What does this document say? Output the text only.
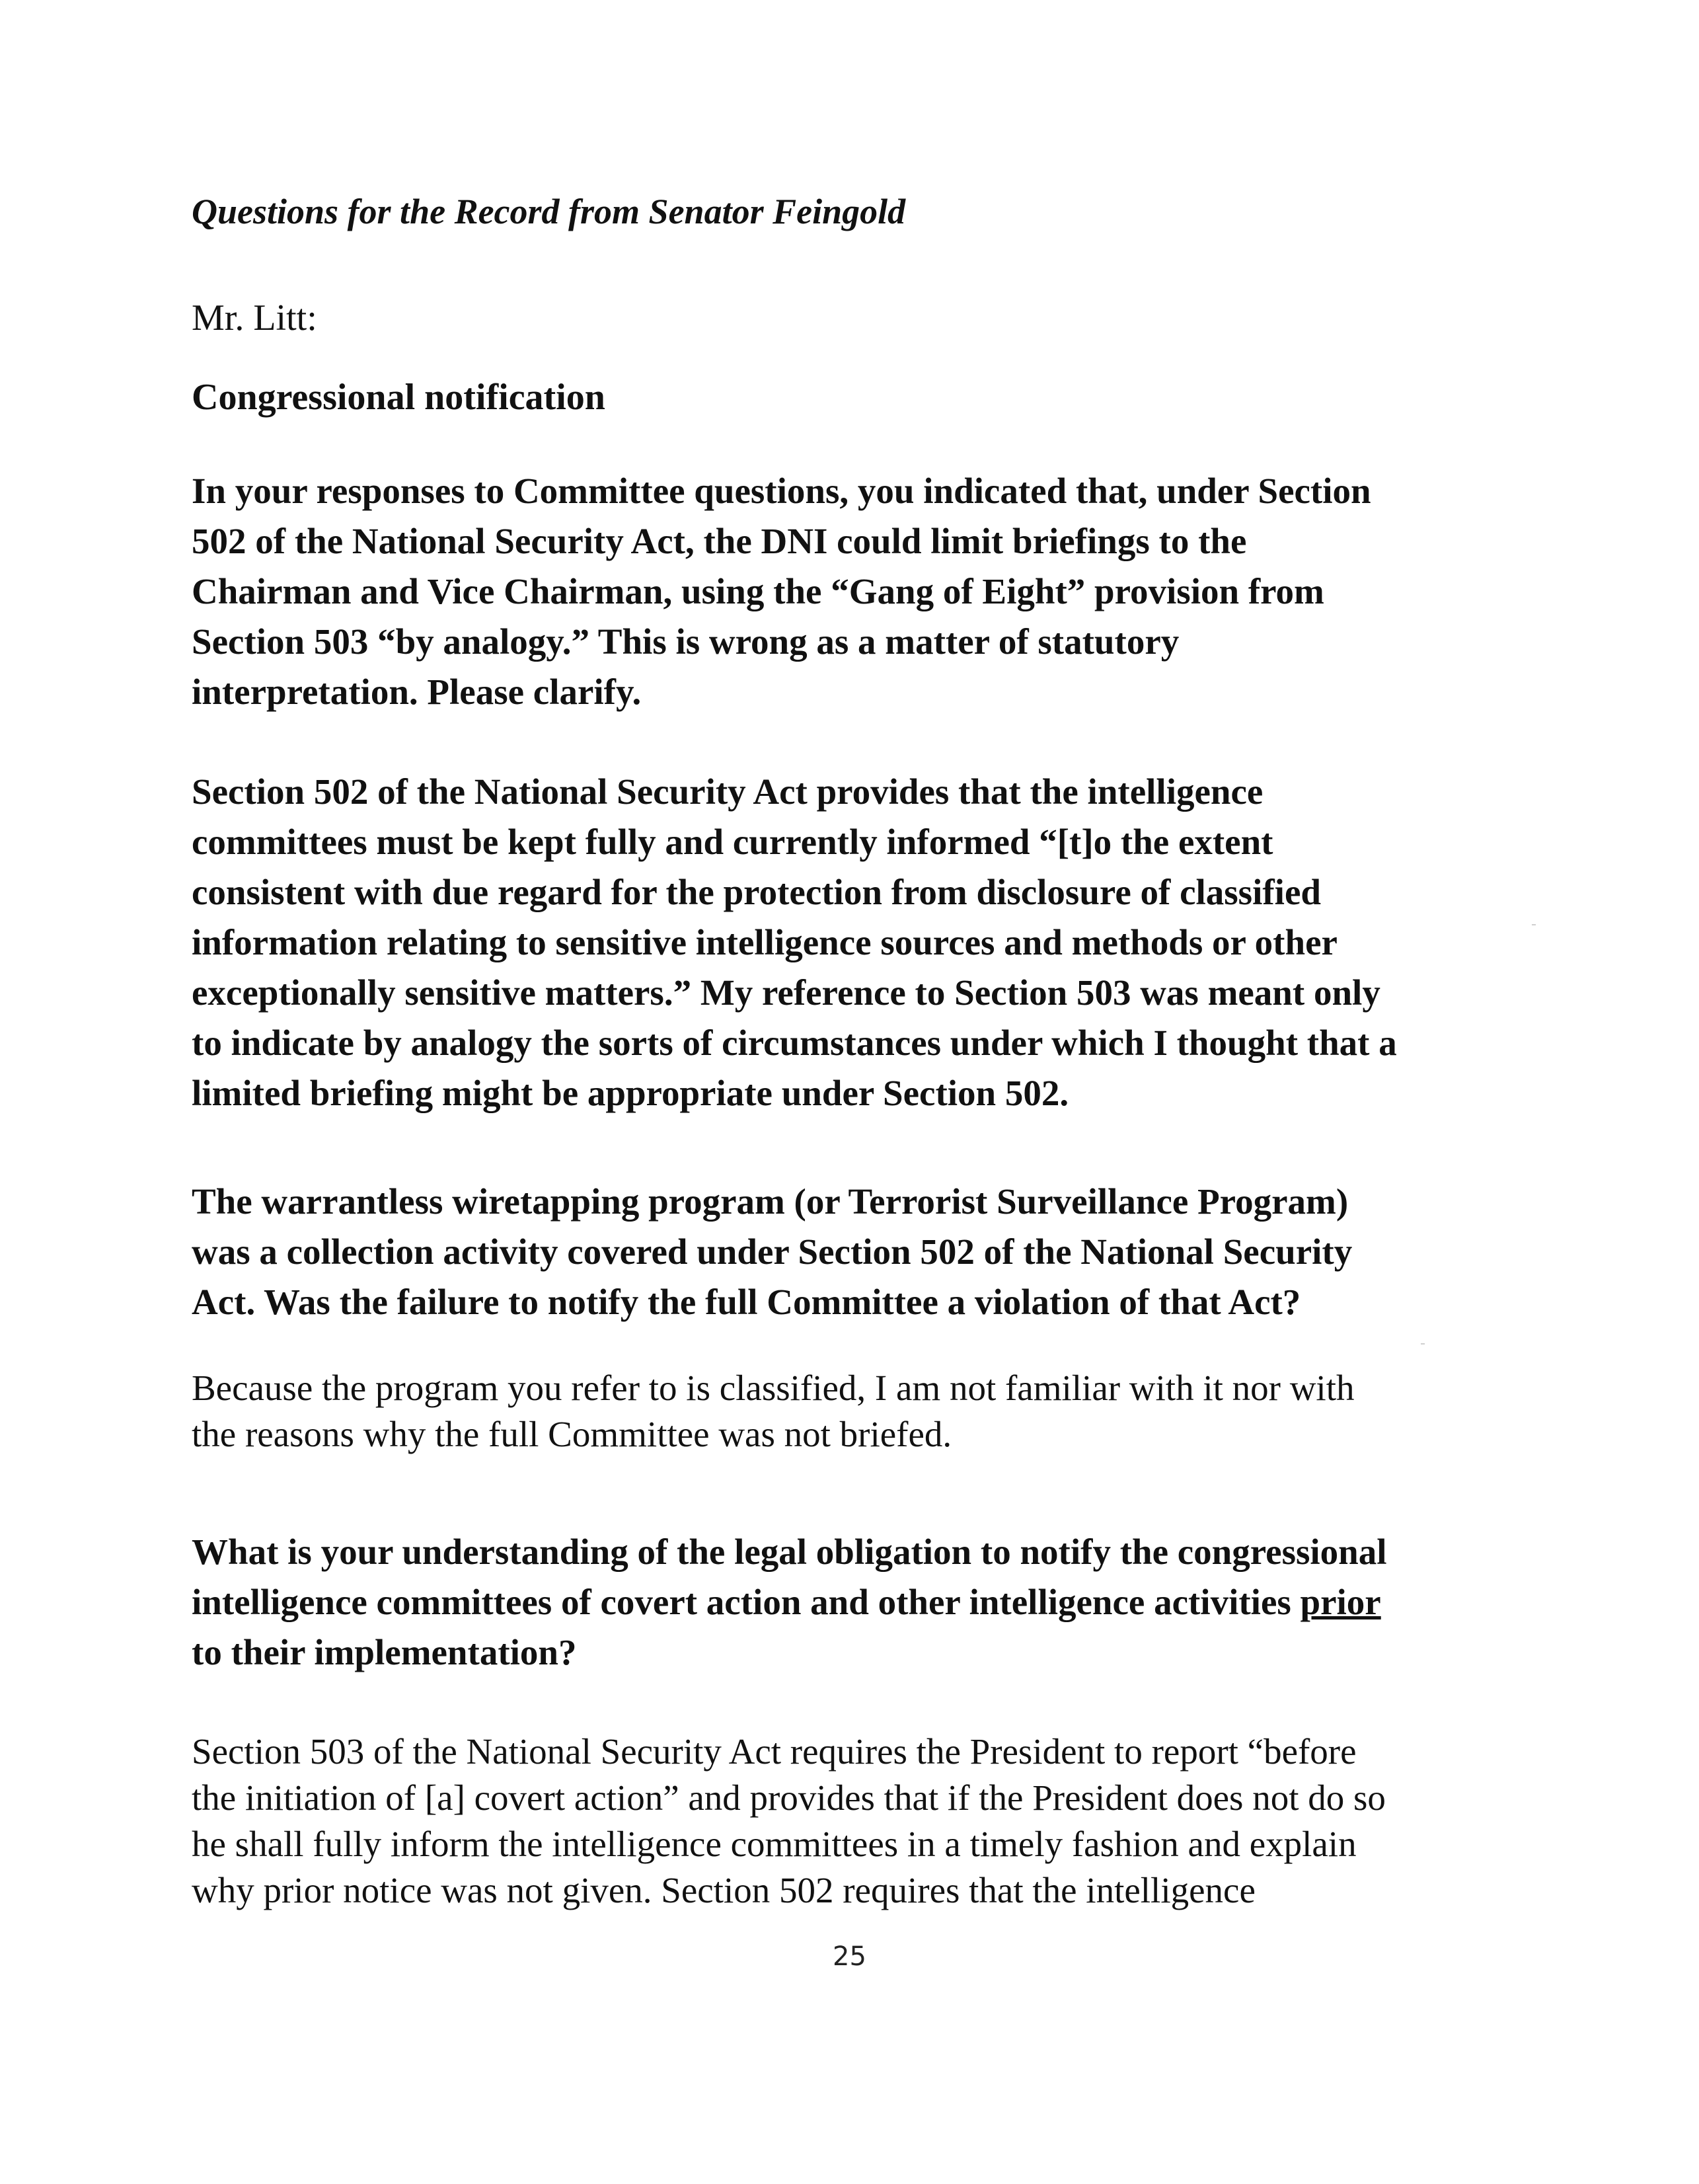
Questions for the Record from Senator Feingold

Mr. Litt:

Congressional notification

In your responses to Committee questions, you indicated that, under Section
502 of the National Security Act, the DNI could limit briefings to the
Chairman and Vice Chairman, using the “Gang of Eight” provision from
Section 503 “by analogy.” This is wrong as a matter of statutory
interpretation. Please clarify.

Section 502 of the National Security Act provides that the intelligence
committees must be kept fully and currently informed “[t]o the extent
consistent with due regard for the protection from disclosure of classified
information relating to sensitive intelligence sources and methods or other
exceptionally sensitive matters.” My reference to Section 503 was meant only
to indicate by analogy the sorts of circumstances under which I thought that a
limited briefing might be appropriate under Section 502.

The warrantless wiretapping program (or Terrorist Surveillance Program)
was a collection activity covered under Section 502 of the National Security
Act. Was the failure to notify the full Committee a violation of that Act?

Because the program you refer to is classified, I am not familiar with it nor with
the reasons why the full Committee was not briefed.

What is your understanding of the legal obligation to notify the congressional
intelligence committees of covert action and other intelligence activities prior
to their implementation?

Section 503 of the National Security Act requires the President to report “before
the initiation of [a] covert action” and provides that if the President does not do so
he shall fully inform the intelligence committees in a timely fashion and explain
why prior notice was not given. Section 502 requires that the intelligence

25
